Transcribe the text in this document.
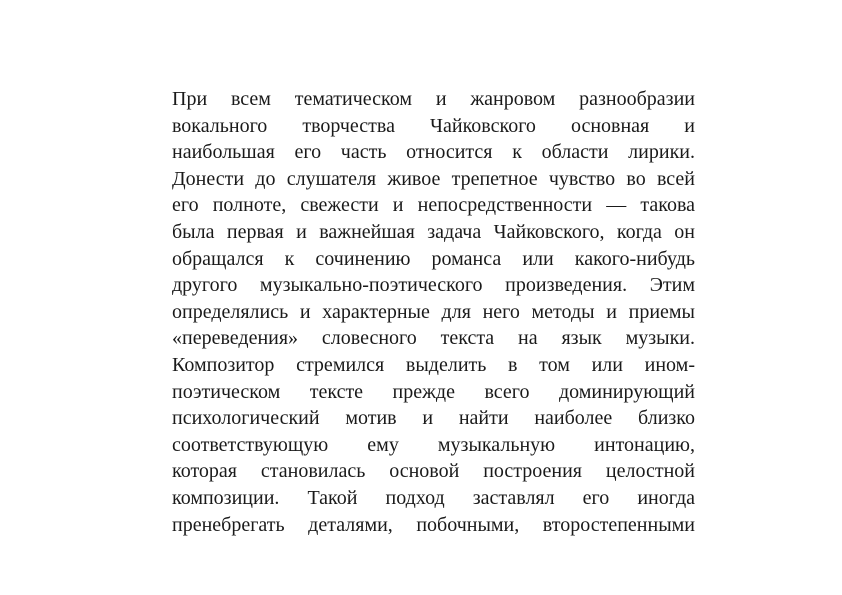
При всем тематическом и жанровом разнообразии
вокального творчества Чайковского основная и
наибольшая его часть относится к области лирики.
Донести до слушателя живое трепетное чувство во всей
его полноте, свежести и непосредственности — такова
была первая и важнейшая задача Чайковского, когда он
обращался к сочинению романса или какого-нибудь
другого музыкально-поэтического произведения. Этим
определялись и характерные для него методы и приемы
«переведения» словесного текста на язык музыки.
Композитор стремился выделить в том или ином-
поэтическом тексте прежде всего доминирующий
психологический мотив и найти наиболее близко
соответствующую ему музыкальную интонацию,
которая становилась основой построения целостной
композиции. Такой подход заставлял его иногда
пренебрегать деталями, побочными, второстепенными
